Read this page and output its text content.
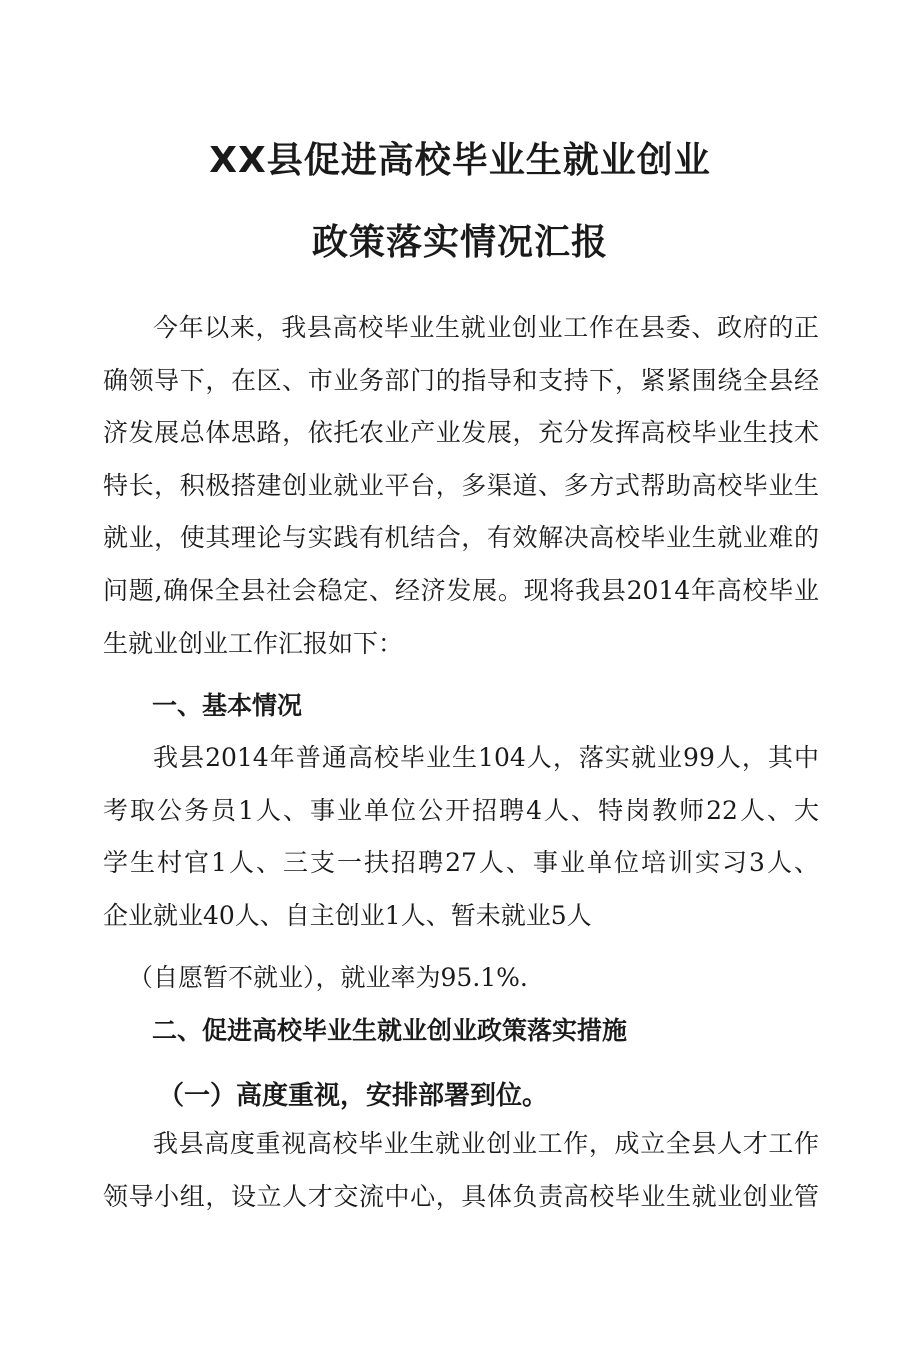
XX县促进高校毕业生就业创业
政策落实情况汇报
今年以来，我县高校毕业生就业创业工作在县委、政府的正
确领导下，在区、市业务部门的指导和支持下，紧紧围绕全县经
济发展总体思路，依托农业产业发展，充分发挥高校毕业生技术
特长，积极搭建创业就业平台，多渠道、多方式帮助高校毕业生
就业，使其理论与实践有机结合，有效解决高校毕业生就业难的
问题,确保全县社会稳定、经济发展。现将我县2014年高校毕业
生就业创业工作汇报如下：
一、基本情况
我县2014年普通高校毕业生104人，落实就业99人，其中
考取公务员1人、事业单位公开招聘4人、特岗教师22人、大
学生村官1人、三支一扶招聘27人、事业单位培训实习3人、
企业就业40人、自主创业1人、暂未就业5人

（自愿暂不就业），就业率为95.1%.

二、促进高校毕业生就业创业政策落实措施
（一）高度重视，安排部署到位。
我县高度重视高校毕业生就业创业工作，成立全县人才工作
领导小组，设立人才交流中心，具体负责高校毕业生就业创业管
